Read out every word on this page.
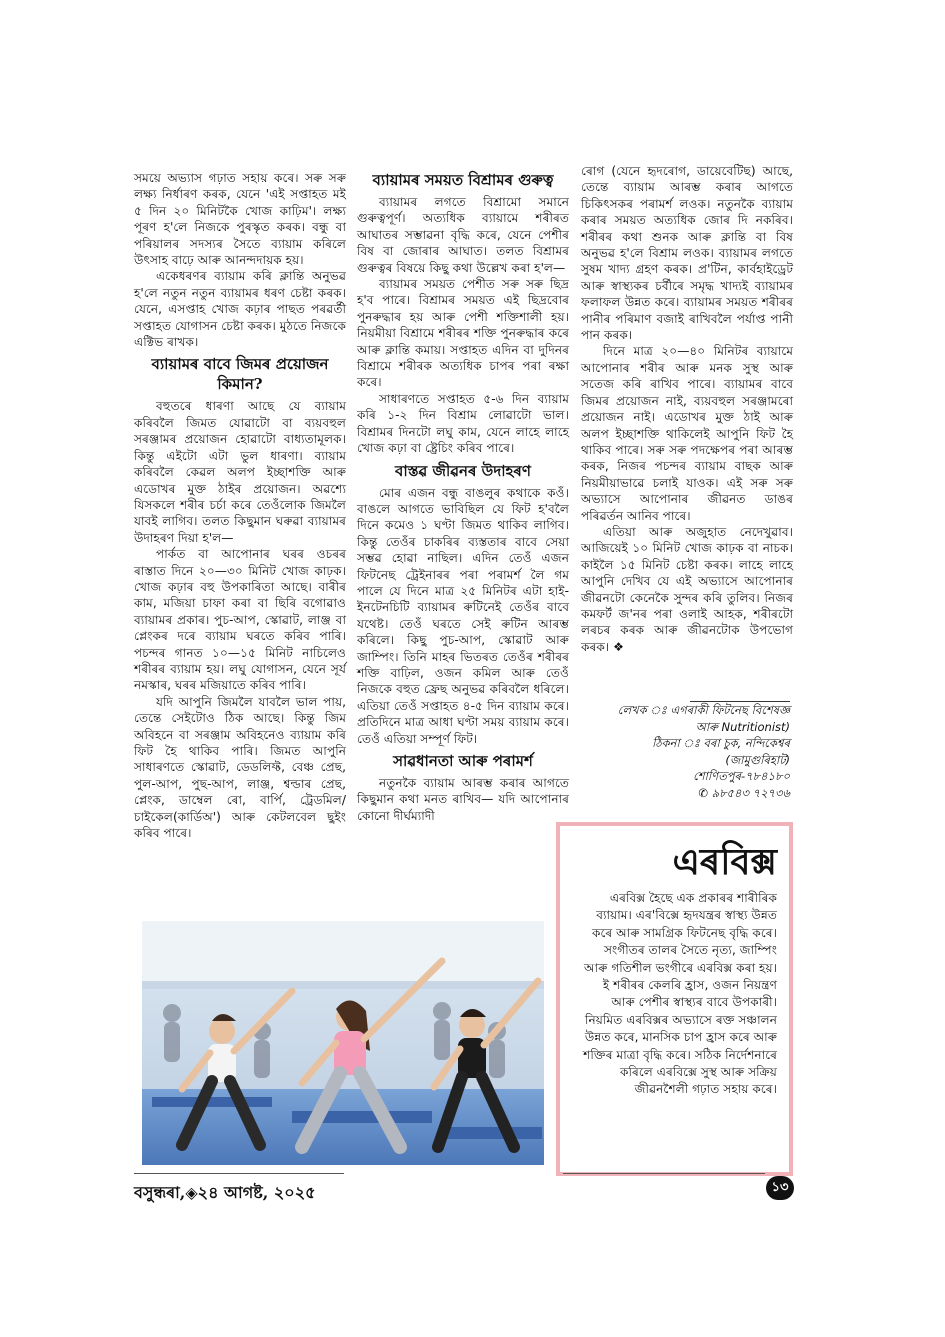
সময়ে অভ্যাস গঢ়াত সহায় কৰে। সৰু সৰু লক্ষ্য নিৰ্ধাৰণ কৰক, যেনে 'এই সপ্তাহত মই ৫ দিন ২০ মিনিটকৈ খোজ কাঢ়িম'। লক্ষ্য পূৰণ হ'লে নিজকে পুৰস্কৃত কৰক। বন্ধু বা পৰিয়ালৰ সদস্যৰ সৈতে ব্যায়াম কৰিলে উৎসাহ বাঢ়ে আৰু আনন্দদায়ক হয়।

একেধৰণৰ ব্যায়াম কৰি ক্লান্তি অনুভৱ হ'লে নতুন নতুন ব্যায়ামৰ ধৰণ চেষ্টা কৰক। যেনে, এসপ্তাহ খোজ কঢ়াৰ পাছত পৰৱৰ্তী সপ্তাহত যোগাসন চেষ্টা কৰক। মুঠতে নিজকে এক্টিভ ৰাখক।

ব্যায়ামৰ বাবে জিমৰ প্ৰয়োজন কিমান?

বহুতৰে ধাৰণা আছে যে ব্যায়াম কৰিবলৈ জিমত যোৱাটো বা ব্যয়বহুল সৰঞ্জামৰ প্ৰয়োজন হোৱাটো বাধ্যতামূলক। কিন্তু এইটো এটা ভুল ধাৰণা। ব্যায়াম কৰিবলৈ কেৱল অলপ ইচ্ছাশক্তি আৰু এডোখৰ মুক্ত ঠাইৰ প্ৰয়োজন। অৱশ্যে যিসকলে শৰীৰ চৰ্চা কৰে তেওঁলোক জিমলৈ যাবই লাগিব। তলত কিছুমান ঘৰুৱা ব্যায়ামৰ উদাহৰণ দিয়া হ'ল—

পাৰ্কত বা আপোনাৰ ঘৰৰ ওচৰৰ ৰাস্তাত দিনে ২০—৩০ মিনিট খোজ কাঢ়ক। খোজ কঢ়াৰ বহু উপকাৰিতা আছে। বাৰীৰ কাম, মজিয়া চাফা কৰা বা ছিৰি বগোৱাও ব্যায়ামৰ প্ৰকাৰ। পুচ-আপ, স্কোৱাট, লাঞ্জ বা প্লেংকৰ দৰে ব্যায়াম ঘৰতে কৰিব পাৰি। পচন্দৰ গানত ১০—১৫ মিনিট নাচিলেও শৰীৰৰ ব্যায়াম হয়। লঘু যোগাসন, যেনে সূৰ্য নমস্কাৰ, ঘৰৰ মজিয়াতে কৰিব পাৰি।

যদি আপুনি জিমলৈ যাবলৈ ভাল পায়, তেন্তে সেইটোও ঠিক আছে। কিন্তু জিম অবিহনে বা সৰঞ্জাম অবিহনেও ব্যায়াম কৰি ফিট হৈ থাকিব পাৰি। জিমত আপুনি সাধাৰণতে স্কোৱাট, ডেডলিফ্ট, বেঞ্চ প্ৰেছ, পুল-আপ, পুছ-আপ, লাঞ্জ, শ্বল্ডাৰ প্ৰেছ, প্লেংক, ডাম্বেল ৰো, বাৰ্পি, ট্ৰেডমিল/চাইকেল(কাৰ্ডিঅ') আৰু কেটলবেল ছুইং কৰিব পাৰে।

ব্যায়ামৰ সময়ত বিশ্ৰামৰ গুৰুত্ব

ব্যায়ামৰ লগতে বিশ্ৰামো সমানে গুৰুত্বপূৰ্ণ। অত্যধিক ব্যায়ামে শৰীৰত আঘাতৰ সম্ভাৱনা বৃদ্ধি কৰে, যেনে পেশীৰ বিষ বা জোৰাৰ আঘাত। তলত বিশ্ৰামৰ গুৰুত্বৰ বিষয়ে কিছু কথা উল্লেখ কৰা হ'ল—

ব্যায়ামৰ সময়ত পেশীত সৰু সৰু ছিদ্ৰ হ'ব পাৰে। বিশ্ৰামৰ সময়ত এই ছিদ্ৰবোৰ পুনৰুদ্ধাৰ হয় আৰু পেশী শক্তিশালী হয়। নিয়মীয়া বিশ্ৰামে শৰীৰৰ শক্তি পুনৰুদ্ধাৰ কৰে আৰু ক্লান্তি কমায়। সপ্তাহত এদিন বা দুদিনৰ বিশ্ৰামে শৰীৰক অত্যধিক চাপৰ পৰা ৰক্ষা কৰে।

সাধাৰণতে সপ্তাহত ৫-৬ দিন ব্যায়াম কৰি ১-২ দিন বিশ্ৰাম লোৱাটো ভাল। বিশ্ৰামৰ দিনটো লঘু কাম, যেনে লাহে লাহে খোজ কঢ়া বা ষ্ট্ৰেচিং কৰিব পাৰে।

বাস্তৱ জীৱনৰ উদাহৰণ

মোৰ এজন বন্ধু বাঙলুৰ কথাকে কওঁ। বাঙলে আগতে ভাবিছিল যে ফিট হ'বলৈ দিনে কমেও ১ ঘণ্টা জিমত থাকিব লাগিব। কিন্তু তেওঁৰ চাকৰিৰ ব্যস্ততাৰ বাবে সেয়া সম্ভৱ হোৱা নাছিল। এদিন তেওঁ এজন ফিটনেছ ট্ৰেইনাৰৰ পৰা পৰামৰ্শ লৈ গম পালে যে দিনে মাত্ৰ ২৫ মিনিটৰ এটা হাই-ইনটেনচিটি ব্যায়ামৰ ৰুটিনেই তেওঁৰ বাবে যথেষ্ট। তেওঁ ঘৰতে সেই ৰুটিন আৰম্ভ কৰিলে। কিছু পুচ-আপ, স্কোৱাট আৰু জাম্পিং। তিনি মাহৰ ভিতৰত তেওঁৰ শৰীৰৰ শক্তি বাঢ়িল, ওজন কমিল আৰু তেওঁ নিজকে বহুত ফ্ৰেছ অনুভৱ কৰিবলৈ ধৰিলে। এতিয়া তেওঁ সপ্তাহত ৪-৫ দিন ব্যায়াম কৰে। প্ৰতিদিনে মাত্ৰ আধা ঘণ্টা সময় ব্যায়াম কৰে। তেওঁ এতিয়া সম্পূৰ্ণ ফিট।

সাৱধানতা আৰু পৰামৰ্শ

নতুনকৈ ব্যায়াম আৰম্ভ কৰাৰ আগতে কিছুমান কথা মনত ৰাখিব— যদি আপোনাৰ কোনো দীৰ্ঘম্যাদী

ৰোগ (যেনে হৃদৰোগ, ডায়েবেটিছ) আছে, তেন্তে ব্যায়াম আৰম্ভ কৰাৰ আগতে চিকিৎসকৰ পৰামৰ্শ লওক। নতুনকৈ ব্যায়াম কৰাৰ সময়ত অত্যধিক জোৰ দি নকৰিব। শৰীৰৰ কথা শুনক আৰু ক্লান্তি বা বিষ অনুভৱ হ'লে বিশ্ৰাম লওক। ব্যায়ামৰ লগতে সুষম খাদ্য গ্ৰহণ কৰক। প্ৰ'টিন, কাৰ্বহাইড্ৰেট আৰু স্বাস্থ্যকৰ চৰ্বীৰে সমৃদ্ধ খাদ্যই ব্যায়ামৰ ফলাফল উন্নত কৰে। ব্যায়ামৰ সময়ত শৰীৰৰ পানীৰ পৰিমাণ বজাই ৰাখিবলৈ পৰ্যাপ্ত পানী পান কৰক।

দিনে মাত্ৰ ২০—৪০ মিনিটৰ ব্যায়ামে আপোনাৰ শৰীৰ আৰু মনক সুস্থ আৰু সতেজ কৰি ৰাখিব পাৰে। ব্যায়ামৰ বাবে জিমৰ প্ৰয়োজন নাই, ব্যয়বহুল সৰঞ্জামৰো প্ৰয়োজন নাই। এডোখৰ মুক্ত ঠাই আৰু অলপ ইচ্ছাশক্তি থাকিলেই আপুনি ফিট হৈ থাকিব পাৰে। সৰু সৰু পদক্ষেপৰ পৰা আৰম্ভ কৰক, নিজৰ পচন্দৰ ব্যায়াম বাছক আৰু নিয়মীয়াভাৱে চলাই যাওক। এই সৰু সৰু অভ্যাসে আপোনাৰ জীৱনত ডাঙৰ পৰিৱৰ্তন আনিব পাৰে।

এতিয়া আৰু অজুহাত নেদেখুৱাব। আজিয়েই ১০ মিনিট খোজ কাঢ়ক বা নাচক। কাইলৈ ১৫ মিনিট চেষ্টা কৰক। লাহে লাহে আপুনি দেখিব যে এই অভ্যাসে আপোনাৰ জীৱনটো কেনেকৈ সুন্দৰ কৰি তুলিব। নিজৰ কমফৰ্ট জ'নৰ পৰা ওলাই আহক, শৰীৰটো লৰচৰ কৰক আৰু জীৱনটোক উপভোগ কৰক। ❖

লেখক ঃ এগৰাকী ফিটনেছ বিশেষজ্ঞ
আৰু Nutritionist)
ঠিকনা ঃ বৰা চুক, নন্দিকেশ্বৰ
(জামুগুৰিহাট)
শোণিতপুৰ-৭৮৪১৮০
✆ ৯৮৫৪৩ ৭২৭৩৬
এৰবিক্স
এৰবিক্স হৈছে এক প্ৰকাৰৰ শাৰীৰিক ব্যায়াম। এৰ'বিক্সে হৃদযন্ত্ৰৰ স্বাস্থ্য উন্নত কৰে আৰু সামগ্ৰিক ফিটনেছ বৃদ্ধি কৰে। সংগীতৰ তালৰ সৈতে নৃত্য, জাম্পিং আৰু গতিশীল ভংগীৰে এৰবিক্স কৰা হয়। ই শৰীৰৰ কেলৰি হ্ৰাস, ওজন নিয়ন্ত্ৰণ আৰু পেশীৰ স্বাস্থ্যৰ বাবে উপকাৰী। নিয়মিত এৰবিক্সৰ অভ্যাসে ৰক্ত সঞ্চালন উন্নত কৰে, মানসিক চাপ হ্ৰাস কৰে আৰু শক্তিৰ মাত্ৰা বৃদ্ধি কৰে। সঠিক নিৰ্দেশনাৰে কৰিলে এৰবিক্সে সুস্থ আৰু সক্ৰিয় জীৱনশৈলী গঢ়াত সহায় কৰে।
বসুন্ধৰা,◈২৪ আগষ্ট, ২০২৫	১৩
